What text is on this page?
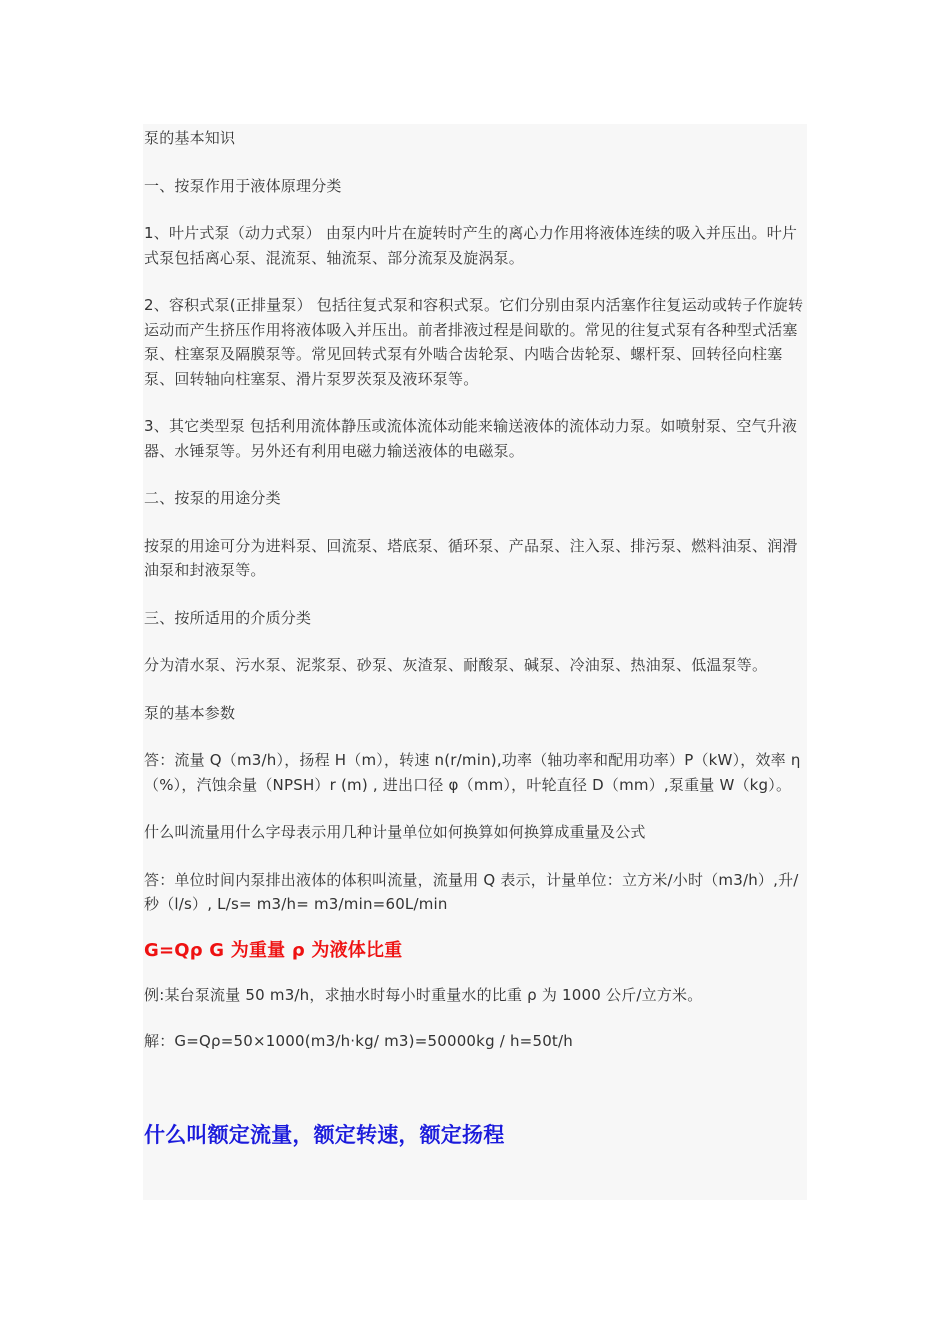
泵的基本知识

一、按泵作用于液体原理分类

1、叶片式泵（动力式泵） 由泵内叶片在旋转时产生的离心力作用将液体连续的吸入并压出。叶片式泵包括离心泵、混流泵、轴流泵、部分流泵及旋涡泵。

2、容积式泵(正排量泵） 包括往复式泵和容积式泵。它们分别由泵内活塞作往复运动或转子作旋转运动而产生挤压作用将液体吸入并压出。前者排液过程是间歇的。常见的往复式泵有各种型式活塞泵、柱塞泵及隔膜泵等。常见回转式泵有外啮合齿轮泵、内啮合齿轮泵、螺杆泵、回转径向柱塞泵、回转轴向柱塞泵、滑片泵罗茨泵及液环泵等。

3、其它类型泵 包括利用流体静压或流体流体动能来输送液体的流体动力泵。如喷射泵、空气升液器、水锤泵等。另外还有利用电磁力输送液体的电磁泵。

二、按泵的用途分类

按泵的用途可分为进料泵、回流泵、塔底泵、循环泵、产品泵、注入泵、排污泵、燃料油泵、润滑油泵和封液泵等。

三、按所适用的介质分类

分为清水泵、污水泵、泥浆泵、砂泵、灰渣泵、耐酸泵、碱泵、冷油泵、热油泵、低温泵等。

泵的基本参数

答：流量 Q（m3/h），扬程 H（m），转速 n(r/min),功率（轴功率和配用功率）P（kW），效率 η（%），汽蚀余量（NPSH）r (m) , 进出口径 φ（mm），叶轮直径 D（mm）,泵重量 W（kg）。

什么叫流量用什么字母表示用几种计量单位如何换算如何换算成重量及公式

答：单位时间内泵排出液体的体积叫流量，流量用 Q 表示，计量单位：立方米/小时（m3/h）,升/秒（l/s）, L/s= m3/h= m3/min=60L/min

G=Qρ G 为重量 ρ 为液体比重

例:某台泵流量 50 m3/h，求抽水时每小时重量水的比重 ρ 为 1000 公斤/立方米。

解：G=Qρ=50×1000(m3/h·kg/ m3)=50000kg / h=50t/h

什么叫额定流量，额定转速，额定扬程
